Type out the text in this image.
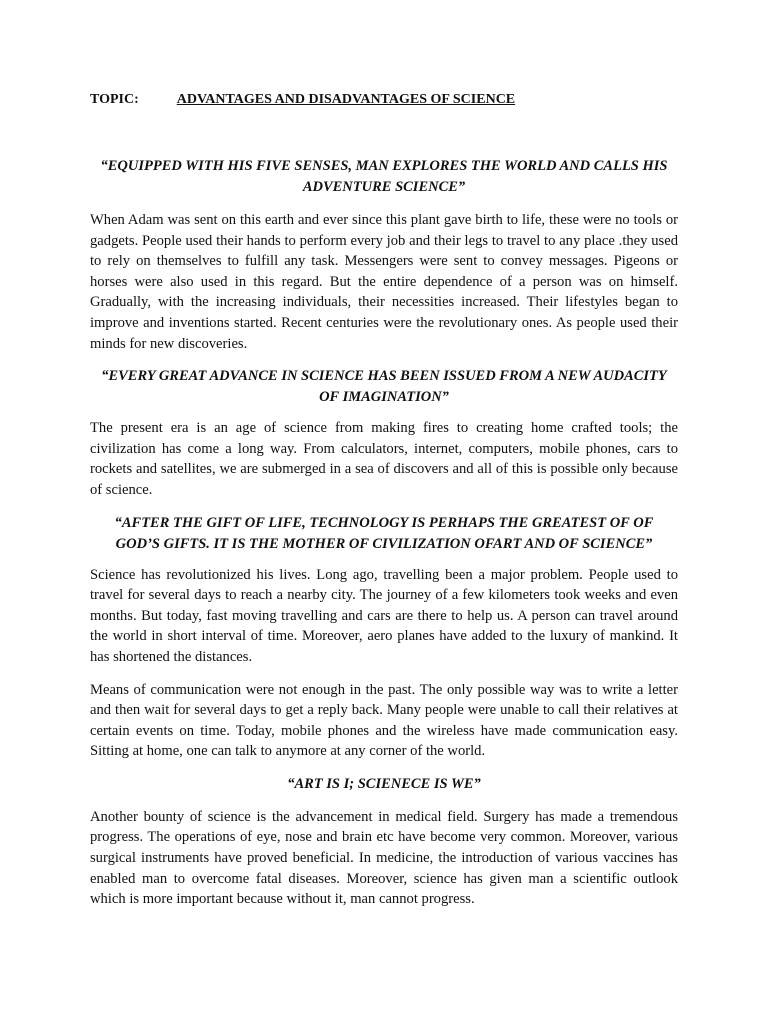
TOPIC:	ADVANTAGES AND DISADVANTAGES OF SCIENCE
“EQUIPPED WITH HIS FIVE SENSES, MAN EXPLORES THE WORLD AND CALLS HIS ADVENTURE SCIENCE”

When Adam was sent on this earth and ever since this plant gave birth to life, these were no tools or gadgets. People used their hands to perform every job and their legs to travel to any place .they used to rely on themselves to fulfill any task. Messengers were sent to convey messages. Pigeons or horses were also used in this regard. But the entire dependence of a person was on himself. Gradually, with the increasing individuals, their necessities increased. Their lifestyles began to improve and inventions started. Recent centuries were the revolutionary ones. As people used their minds for new discoveries.

“EVERY GREAT ADVANCE IN SCIENCE HAS BEEN ISSUED FROM A NEW AUDACITY OF IMAGINATION”

The present era is an age of science from making fires to creating home crafted tools; the civilization has come a long way. From calculators, internet, computers, mobile phones, cars to rockets and satellites, we are submerged in a sea of discovers and all of this is possible only because of science.

“AFTER THE GIFT OF LIFE, TECHNOLOGY IS PERHAPS THE GREATEST OF OF GOD’S GIFTS. IT IS THE MOTHER OF CIVILIZATION OFART AND OF SCIENCE”

Science has revolutionized his lives. Long ago, travelling been a major problem. People used to travel for several days to reach a nearby city. The journey of a few kilometers took weeks and even months. But today, fast moving travelling and cars are there to help us. A person can travel around the world in short interval of time. Moreover, aero planes have added to the luxury of mankind. It has shortened the distances.

Means of communication were not enough in the past. The only possible way was to write a letter and then wait for several days to get a reply back. Many people were unable to call their relatives at certain events on time. Today, mobile phones and the wireless have made communication easy. Sitting at home, one can talk to anymore at any corner of the world.

“ART IS I; SCIENECE IS WE”

Another bounty of science is the advancement in medical field. Surgery has made a tremendous progress. The operations of eye, nose and brain etc have become very common. Moreover, various surgical instruments have proved beneficial. In medicine, the introduction of various vaccines has enabled man to overcome fatal diseases. Moreover, science has given man a scientific outlook which is more important because without it, man cannot progress.
